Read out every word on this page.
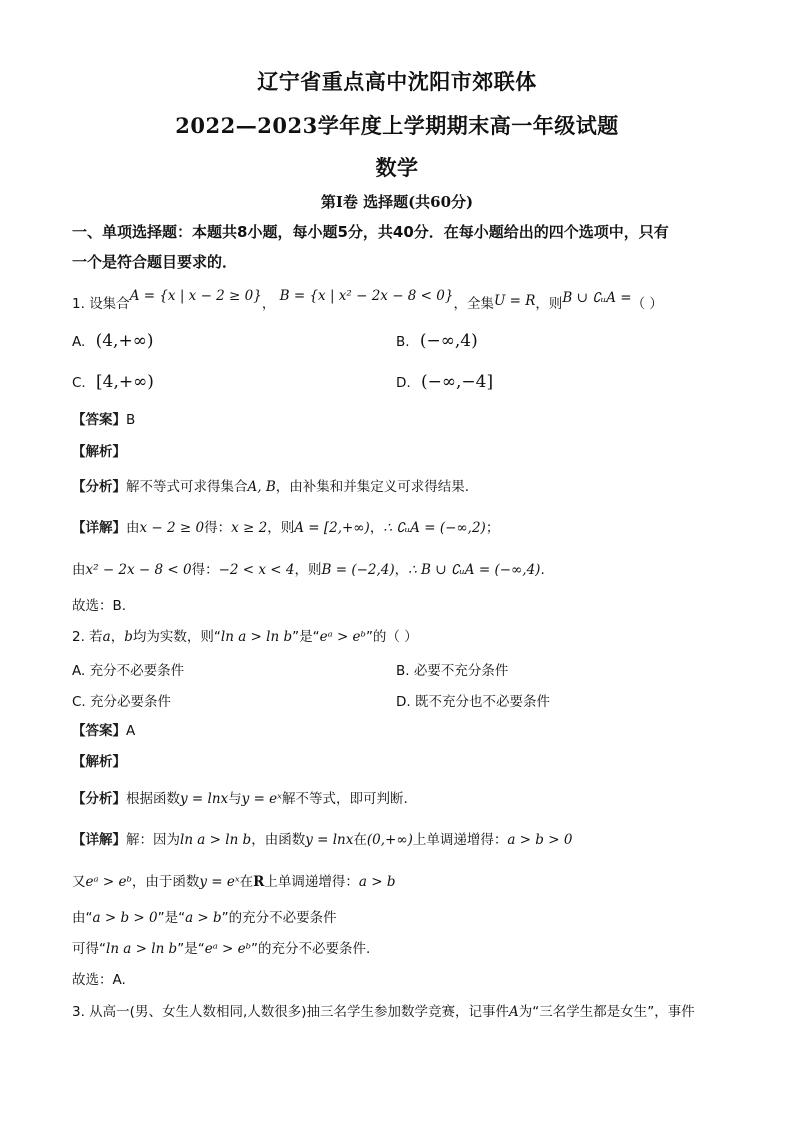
辽宁省重点高中沈阳市郊联体
2022—2023学年度上学期期末高一年级试题
数学
第Ⅰ卷 选择题(共60分)
一、单项选择题：本题共8小题，每小题5分，共40分．在每小题给出的四个选项中，只有
一个是符合题目要求的．
1. 设集合A = {x | x − 2 ≥ 0}， B = {x | x² − 2x − 8 < 0}，全集U = R，则B ∪ ∁ᵤA =（ ）
A. (4,+∞)	B. (−∞,4)
C. [4,+∞)	D. (−∞,−4]
【答案】B
【解析】
【分析】解不等式可求得集合A, B，由补集和并集定义可求得结果.
【详解】由x − 2 ≥ 0得：x ≥ 2，则A = [2,+∞)，∴ ∁ᵤA = (−∞,2)；
由x² − 2x − 8 < 0得：−2 < x < 4，则B = (−2,4)，∴ B ∪ ∁ᵤA = (−∞,4).
故选：B.
2. 若a，b均为实数，则“ln a > ln b”是“eᵃ > eᵇ”的（ ）
A. 充分不必要条件	B. 必要不充分条件
C. 充分必要条件	D. 既不充分也不必要条件
【答案】A
【解析】
【分析】根据函数y = lnx与y = eˣ解不等式，即可判断.
【详解】解：因为ln a > ln b，由函数y = lnx在(0,+∞)上单调递增得：a > b > 0
又eᵃ > eᵇ，由于函数y = eˣ在R上单调递增得：a > b
由“a > b > 0”是“a > b”的充分不必要条件
可得“ln a > ln b”是“eᵃ > eᵇ”的充分不必要条件.
故选：A.
3. 从高一(男、女生人数相同,人数很多)抽三名学生参加数学竞赛，记事件A为“三名学生都是女生”，事件
